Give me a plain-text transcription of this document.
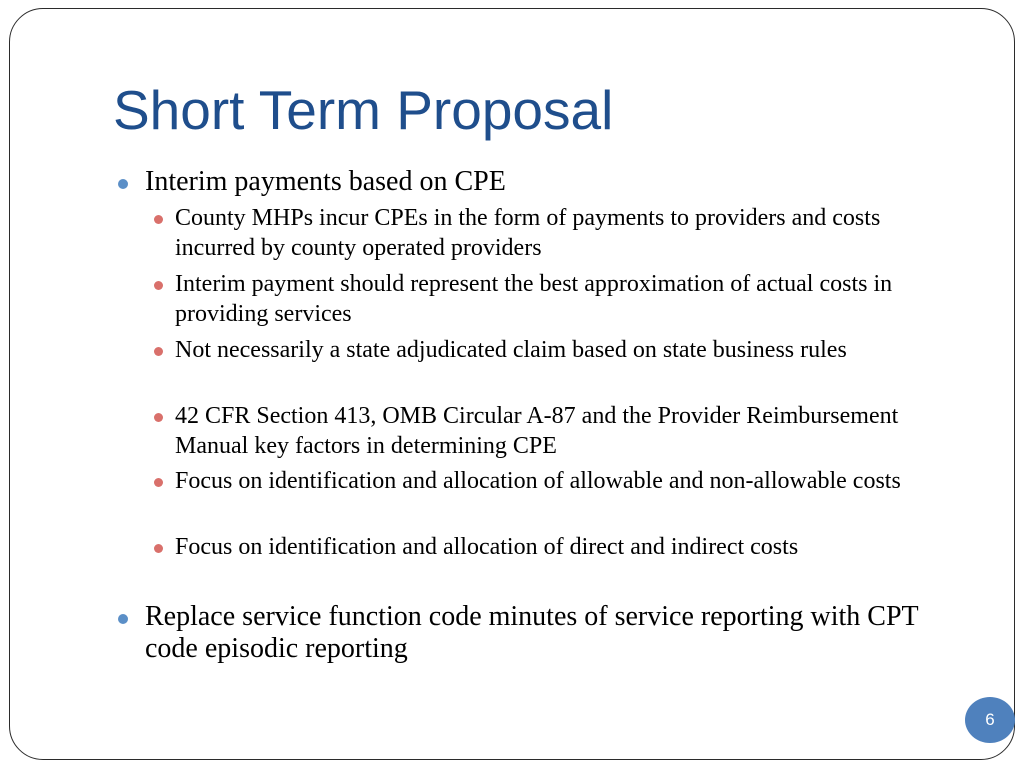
Short Term Proposal
Interim payments based on CPE
County MHPs incur CPEs in the form of payments to providers and costs incurred by county operated providers
Interim payment should represent the best approximation of actual costs in providing services
Not necessarily a state adjudicated claim based on state business rules
42 CFR Section 413, OMB Circular A-87 and the Provider Reimbursement Manual key factors in determining CPE
Focus on identification and allocation of allowable and non-allowable costs
Focus on identification and allocation of direct and indirect costs
Replace service function code minutes of service reporting with CPT code episodic reporting
6
